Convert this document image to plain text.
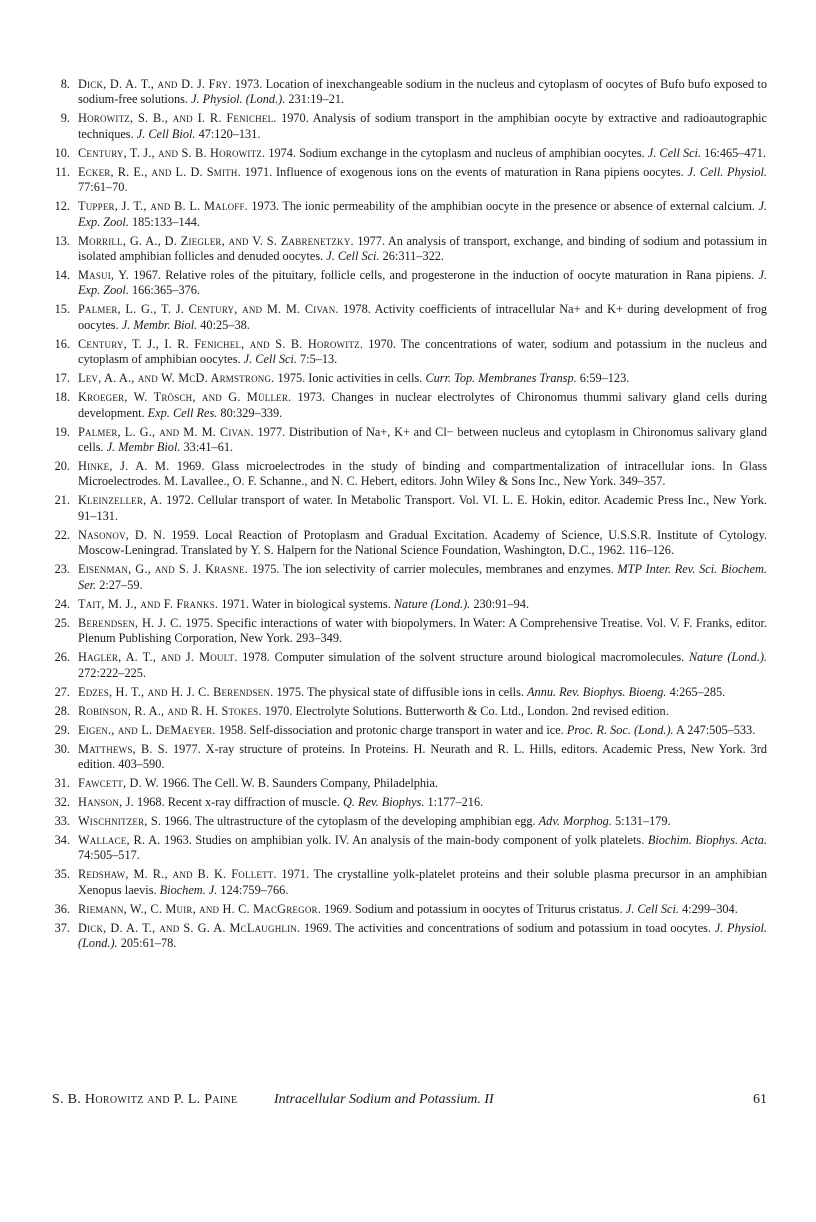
8. Dick, D. A. T., and D. J. Fry. 1973. Location of inexchangeable sodium in the nucleus and cytoplasm of oocytes of Bufo bufo exposed to sodium-free solutions. J. Physiol. (Lond.). 231:19–21.
9. Horowitz, S. B., and I. R. Fenichel. 1970. Analysis of sodium transport in the amphibian oocyte by extractive and radioautographic techniques. J. Cell Biol. 47:120–131.
10. Century, T. J., and S. B. Horowitz. 1974. Sodium exchange in the cytoplasm and nucleus of amphibian oocytes. J. Cell Sci. 16:465–471.
11. Ecker, R. E., and L. D. Smith. 1971. Influence of exogenous ions on the events of maturation in Rana pipiens oocytes. J. Cell. Physiol. 77:61–70.
12. Tupper, J. T., and B. L. Maloff. 1973. The ionic permeability of the amphibian oocyte in the presence or absence of external calcium. J. Exp. Zool. 185:133–144.
13. Morrill, G. A., D. Ziegler, and V. S. Zabrenetzky. 1977. An analysis of transport, exchange, and binding of sodium and potassium in isolated amphibian follicles and denuded oocytes. J. Cell Sci. 26:311–322.
14. Masui, Y. 1967. Relative roles of the pituitary, follicle cells, and progesterone in the induction of oocyte maturation in Rana pipiens. J. Exp. Zool. 166:365–376.
15. Palmer, L. G., T. J. Century, and M. M. Civan. 1978. Activity coefficients of intracellular Na+ and K+ during development of frog oocytes. J. Membr. Biol. 40:25–38.
16. Century, T. J., I. R. Fenichel, and S. B. Horowitz. 1970. The concentrations of water, sodium and potassium in the nucleus and cytoplasm of amphibian oocytes. J. Cell Sci. 7:5–13.
17. Lev, A. A., and W. McD. Armstrong. 1975. Ionic activities in cells. Curr. Top. Membranes Transp. 6:59–123.
18. Kroeger, W. Trösch, and G. Müller. 1973. Changes in nuclear electrolytes of Chironomus thummi salivary gland cells during development. Exp. Cell Res. 80:329–339.
19. Palmer, L. G., and M. M. Civan. 1977. Distribution of Na+, K+ and Cl− between nucleus and cytoplasm in Chironomus salivary gland cells. J. Membr Biol. 33:41–61.
20. Hinke, J. A. M. 1969. Glass microelectrodes in the study of binding and compartmentalization of intracellular ions. In Glass Microelectrodes. M. Lavallee., O. F. Schanne., and N. C. Hebert, editors. John Wiley & Sons Inc., New York. 349–357.
21. Kleinzeller, A. 1972. Cellular transport of water. In Metabolic Transport. Vol. VI. L. E. Hokin, editor. Academic Press Inc., New York. 91–131.
22. Nasonov, D. N. 1959. Local Reaction of Protoplasm and Gradual Excitation. Academy of Science, U.S.S.R. Institute of Cytology. Moscow-Leningrad. Translated by Y. S. Halpern for the National Science Foundation, Washington, D.C., 1962. 116–126.
23. Eisenman, G., and S. J. Krasne. 1975. The ion selectivity of carrier molecules, membranes and enzymes. MTP Inter. Rev. Sci. Biochem. Ser. 2:27–59.
24. Tait, M. J., and F. Franks. 1971. Water in biological systems. Nature (Lond.). 230:91–94.
25. Berendsen, H. J. C. 1975. Specific interactions of water with biopolymers. In Water: A Comprehensive Treatise. Vol. V. F. Franks, editor. Plenum Publishing Corporation, New York. 293–349.
26. Hagler, A. T., and J. Moult. 1978. Computer simulation of the solvent structure around biological macromolecules. Nature (Lond.). 272:222–225.
27. Edzes, H. T., and H. J. C. Berendsen. 1975. The physical state of diffusible ions in cells. Annu. Rev. Biophys. Bioeng. 4:265–285.
28. Robinson, R. A., and R. H. Stokes. 1970. Electrolyte Solutions. Butterworth & Co. Ltd., London. 2nd revised edition.
29. Eigen., and L. DeMaeyer. 1958. Self-dissociation and protonic charge transport in water and ice. Proc. R. Soc. (Lond.). A 247:505–533.
30. Matthews, B. S. 1977. X-ray structure of proteins. In Proteins. H. Neurath and R. L. Hills, editors. Academic Press, New York. 3rd edition. 403–590.
31. Fawcett, D. W. 1966. The Cell. W. B. Saunders Company, Philadelphia.
32. Hanson, J. 1968. Recent x-ray diffraction of muscle. Q. Rev. Biophys. 1:177–216.
33. Wischnitzer, S. 1966. The ultrastructure of the cytoplasm of the developing amphibian egg. Adv. Morphog. 5:131–179.
34. Wallace, R. A. 1963. Studies on amphibian yolk. IV. An analysis of the main-body component of yolk platelets. Biochim. Biophys. Acta. 74:505–517.
35. Redshaw, M. R., and B. K. Follett. 1971. The crystalline yolk-platelet proteins and their soluble plasma precursor in an amphibian Xenopus laevis. Biochem. J. 124:759–766.
36. Riemann, W., C. Muir, and H. C. MacGregor. 1969. Sodium and potassium in oocytes of Triturus cristatus. J. Cell Sci. 4:299–304.
37. Dick, D. A. T., and S. G. A. McLaughlin. 1969. The activities and concentrations of sodium and potassium in toad oocytes. J. Physiol. (Lond.). 205:61–78.
S. B. Horowitz and P. L. Paine	Intracellular Sodium and Potassium. II	61
